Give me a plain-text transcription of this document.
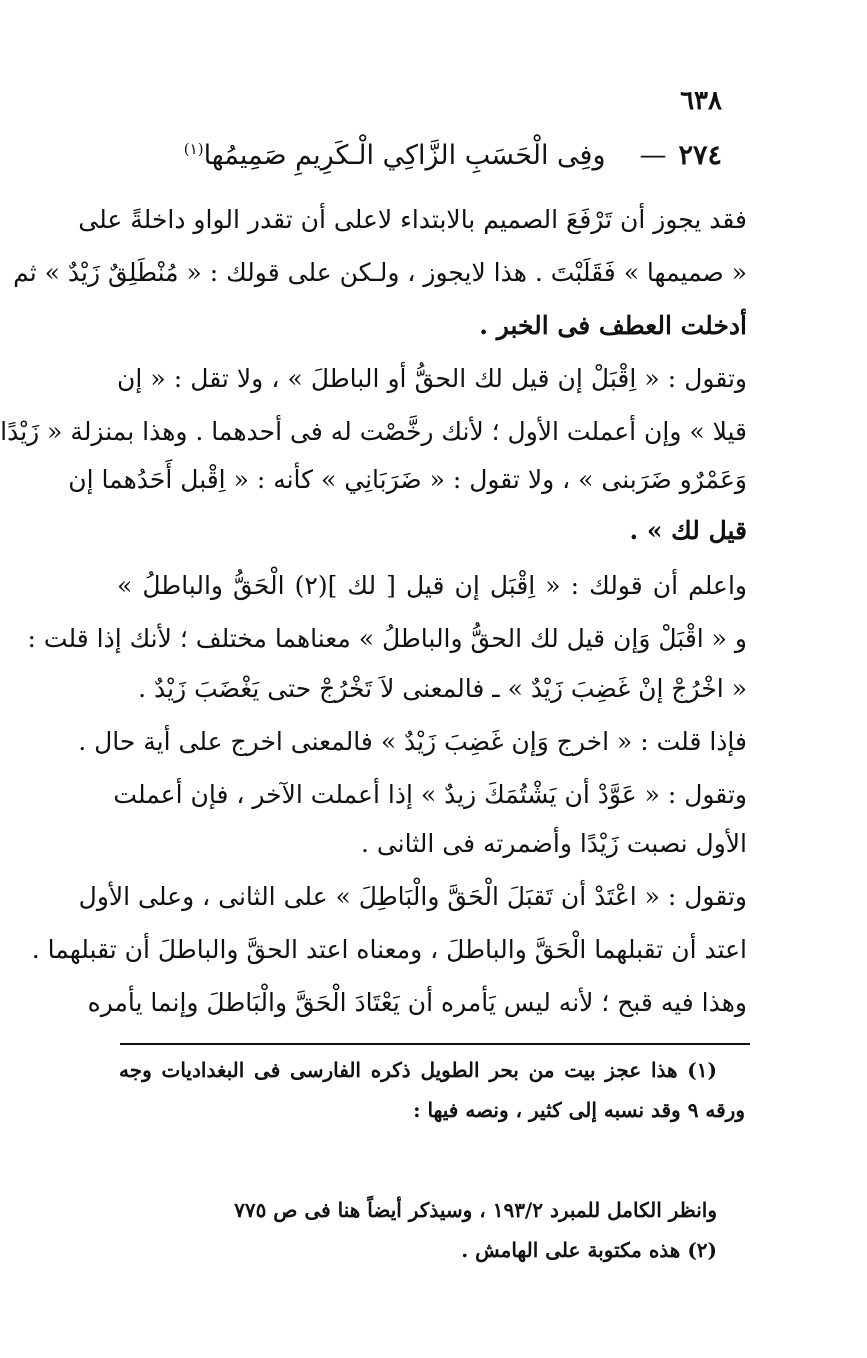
٦٣٨
٢٧٤—وفِى الْحَسَبِ الزَّاكِي الْـكَرِيمِ صَمِيمُها$^{(١)}$
فقد يجوز أن تَرْفَعَ الصميم بالابتداء لاعلى أن تقدر الواو داخلةً على
« صميمها » فَقَلَبْتَ . هذا لايجوز ، ولـكن على قولك : « مُنْطَلِقٌ زَيْدٌ » ثم
أدخلت العطف فى الخبر .
وتقول : « اِقْبَلْ إن قيل لك الحقُّ أو الباطلَ » ، ولا تقل : « إن
قيلا » وإن أعملت الأول ؛ لأنك رخَّصْت له فى أحدهما . وهذا بمنزلة « زَيْدًا
وَعَمْرٌو ضَرَبنى » ، ولا تقول : « ضَرَبَانِي » كأنه : « اِقْبل أَحَدُهما إن
قيل لك » .
واعلم أن قولك : « اِقْبَل إن قيل [ لك ](٢) الْحَقُّ والباطلُ »
و « اقْبَلْ وَإن قيل لك الحقُّ والباطلُ » معناهما مختلف ؛ لأنك إذا قلت :
« اخْرُجْ إنْ غَضِبَ زَيْدٌ » ـ فالمعنى لاَ تَخْرُجْ حتى يَغْضَبَ زَيْدٌ .
فإذا قلت : « اخرج وَإن غَضِبَ زَيْدٌ » فالمعنى اخرج على أية حال .
وتقول : « عَوَّدْ أن يَشْتُمَكَ زيدٌ » إذا أعملت الآخر ، فإن أعملت
الأول نصبت زَيْدًا وأضمرته فى الثانى .
وتقول : « اعْتَدْ أن تَقبَلَ الْحَقَّ والْبَاطِلَ » على الثانى ، وعلى الأول
اعتد أن تقبلهما الْحَقَّ والباطلَ ، ومعناه اعتد الحقَّ والباطلَ أن تقبلهما .
وهذا فيه قبح ؛ لأنه ليس يَأمره أن يَعْتَادَ الْحَقَّ والْبَاطلَ وإنما يأمره
(١) هذا عجز بيت من بحر الطويل ذكره الفارسى فى البغداديات وجه
ورقه ٩ وقد نسبه إلى كثير ، ونصه فيها :
وانظر الكامل للمبرد ١٩٣/٢ ، وسيذكر أيضاً هنا فى ص ٧٧٥
(٢) هذه مكتوبة على الهامش .
